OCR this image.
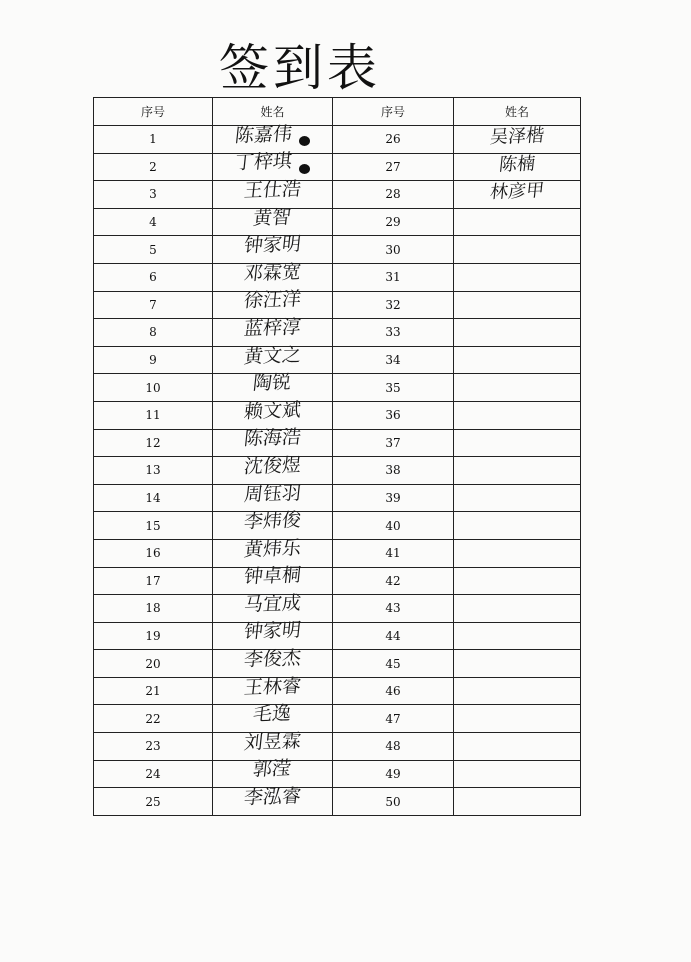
签到表
序号	姓名	序号	姓名
1	陈嘉伟	26	吴泽楷
2	丁梓琪	27	陈楠
3	王仕浩	28	林彦甲
4	黄智	29	
5	钟家明	30	
6	邓霖宽	31	
7	徐汪洋	32	
8	蓝梓淳	33	
9	黄文之	34	
10	陶锐	35	
11	赖文斌	36	
12	陈海浩	37	
13	沈俊煜	38	
14	周钰羽	39	
15	李炜俊	40	
16	黄炜乐	41	
17	钟卓桐	42	
18	马宜成	43	
19	钟家明	44	
20	李俊杰	45	
21	王林睿	46	
22	毛逸	47	
23	刘昱霖	48	
24	郭滢	49	
25	李泓睿	50	
